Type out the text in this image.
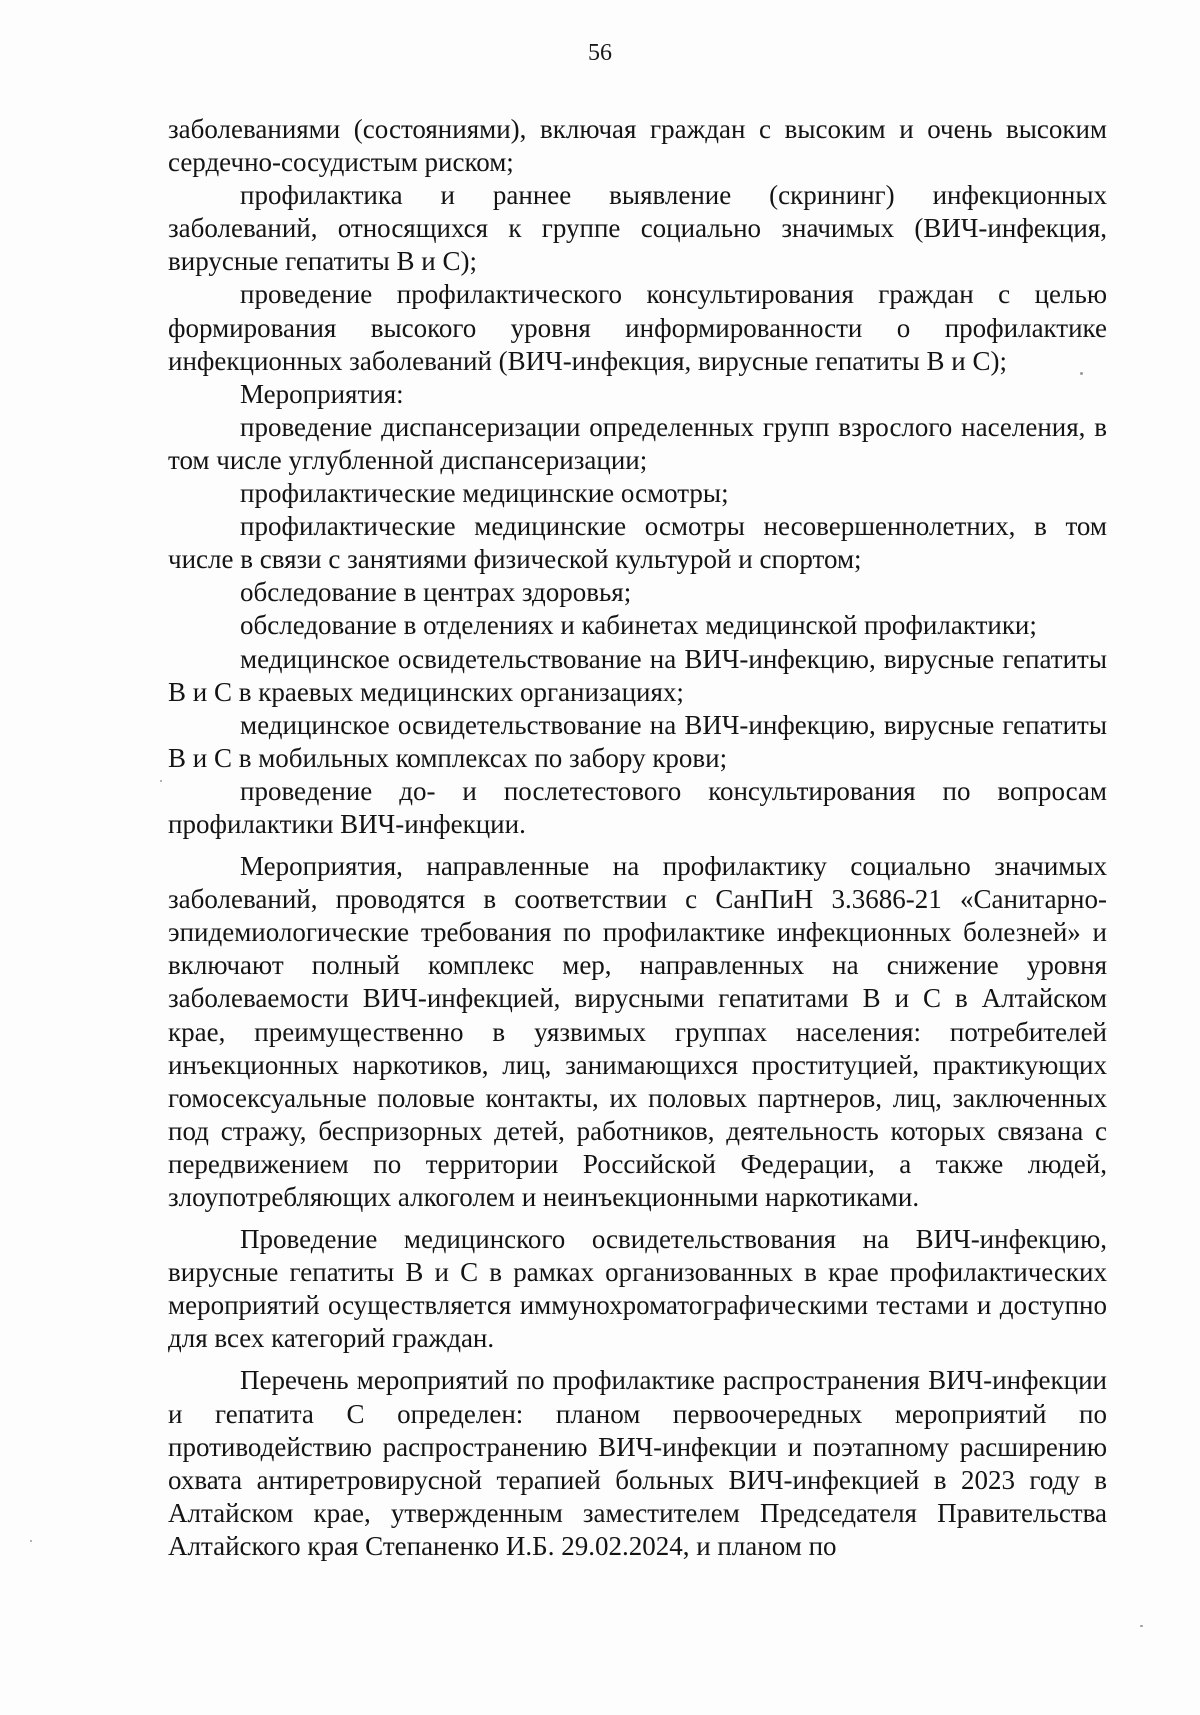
56

заболеваниями (состояниями), включая граждан с высоким и очень высоким сердечно-сосудистым риском;

профилактика и раннее выявление (скрининг) инфекционных заболеваний, относящихся к группе социально значимых (ВИЧ-инфекция, вирусные гепатиты В и С);

проведение профилактического консультирования граждан с целью формирования высокого уровня информированности о профилактике инфекционных заболеваний (ВИЧ-инфекция, вирусные гепатиты В и С);

Мероприятия:

проведение диспансеризации определенных групп взрослого населения, в том числе углубленной диспансеризации;

профилактические медицинские осмотры;

профилактические медицинские осмотры несовершеннолетних, в том числе в связи с занятиями физической культурой и спортом;

обследование в центрах здоровья;

обследование в отделениях и кабинетах медицинской профилактики;

медицинское освидетельствование на ВИЧ-инфекцию, вирусные гепатиты В и С в краевых медицинских организациях;

медицинское освидетельствование на ВИЧ-инфекцию, вирусные гепатиты В и С в мобильных комплексах по забору крови;

проведение до- и послетестового консультирования по вопросам профилактики ВИЧ-инфекции.

Мероприятия, направленные на профилактику социально значимых заболеваний, проводятся в соответствии с СанПиН 3.3686-21 «Санитарно-эпидемиологические требования по профилактике инфекционных болезней» и включают полный комплекс мер, направленных на снижение уровня заболеваемости ВИЧ-инфекцией, вирусными гепатитами В и С в Алтайском крае, преимущественно в уязвимых группах населения: потребителей инъекционных наркотиков, лиц, занимающихся проституцией, практикующих гомосексуальные половые контакты, их половых партнеров, лиц, заключенных под стражу, беспризорных детей, работников, деятельность которых связана с передвижением по территории Российской Федерации, а также людей, злоупотребляющих алкоголем и неинъекционными наркотиками.

Проведение медицинского освидетельствования на ВИЧ-инфекцию, вирусные гепатиты В и С в рамках организованных в крае профилактических мероприятий осуществляется иммунохроматографическими тестами и доступно для всех категорий граждан.

Перечень мероприятий по профилактике распространения ВИЧ-инфекции и гепатита С определен: планом первоочередных мероприятий по противодействию распространению ВИЧ-инфекции и поэтапному расширению охвата антиретровирусной терапией больных ВИЧ-инфекцией в 2023 году в Алтайском крае, утвержденным заместителем Председателя Правительства Алтайского края Степаненко И.Б. 29.02.2024, и планом по
